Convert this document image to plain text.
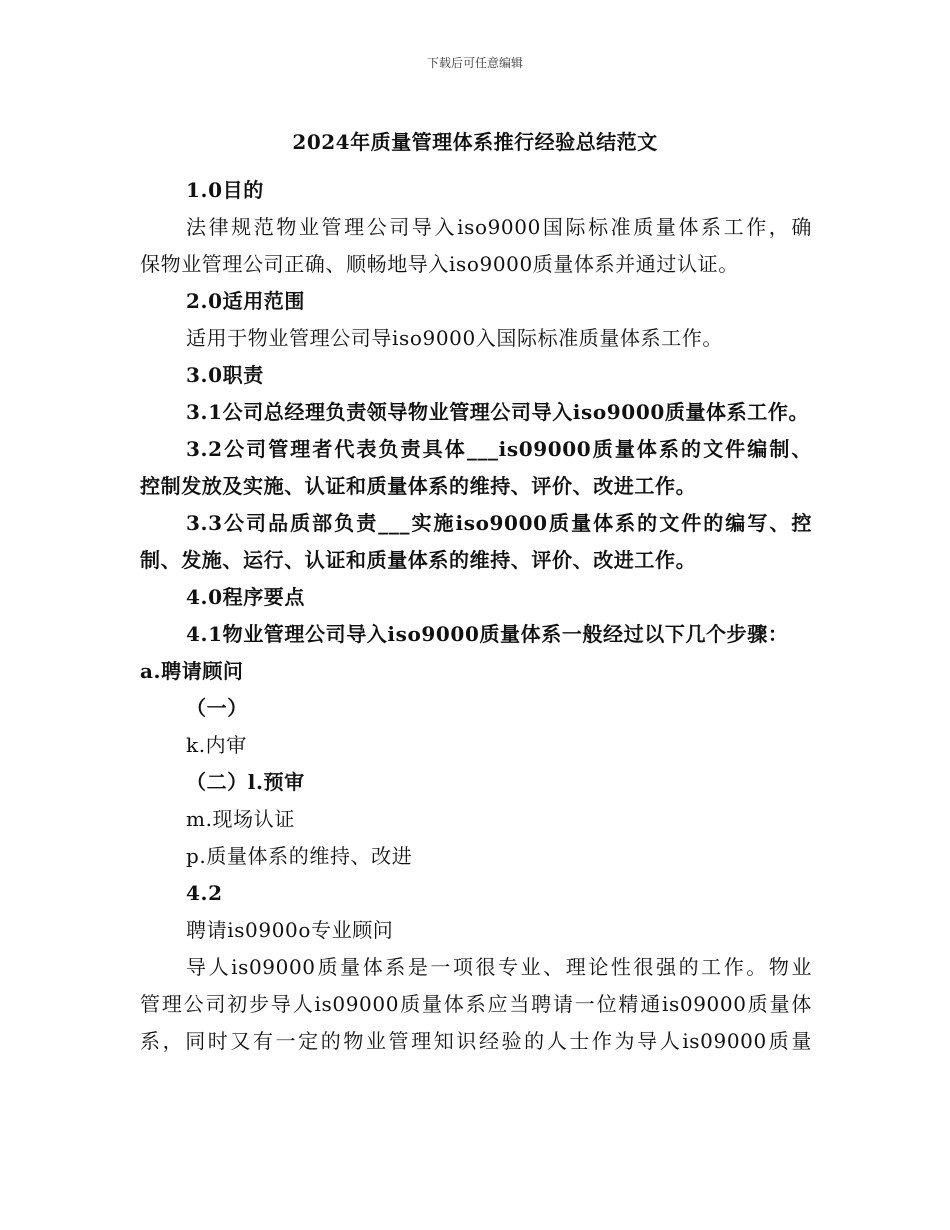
下载后可任意编辑
2024年质量管理体系推行经验总结范文
1.0目的
法律规范物业管理公司导入iso9000国际标准质量体系工作，确
保物业管理公司正确、顺畅地导入iso9000质量体系并通过认证。
2.0适用范围
适用于物业管理公司导iso9000入国际标准质量体系工作。
3.0职责
3.1公司总经理负责领导物业管理公司导入iso9000质量体系工作。
3.2公司管理者代表负责具体___is09000质量体系的文件编制、
控制发放及实施、认证和质量体系的维持、评价、改进工作。
3.3公司品质部负责___实施iso9000质量体系的文件的编写、控
制、发施、运行、认证和质量体系的维持、评价、改进工作。
4.0程序要点
4.1物业管理公司导入iso9000质量体系一般经过以下几个步骤：
a.聘请顾问
（一）
k.内审
（二）l.预审
m.现场认证
p.质量体系的维持、改进
4.2
聘请is0900o专业顾问
导人is09000质量体系是一项很专业、理论性很强的工作。物业
管理公司初步导人is09000质量体系应当聘请一位精通is09000质量体
系，同时又有一定的物业管理知识经验的人士作为导人is09000质量
